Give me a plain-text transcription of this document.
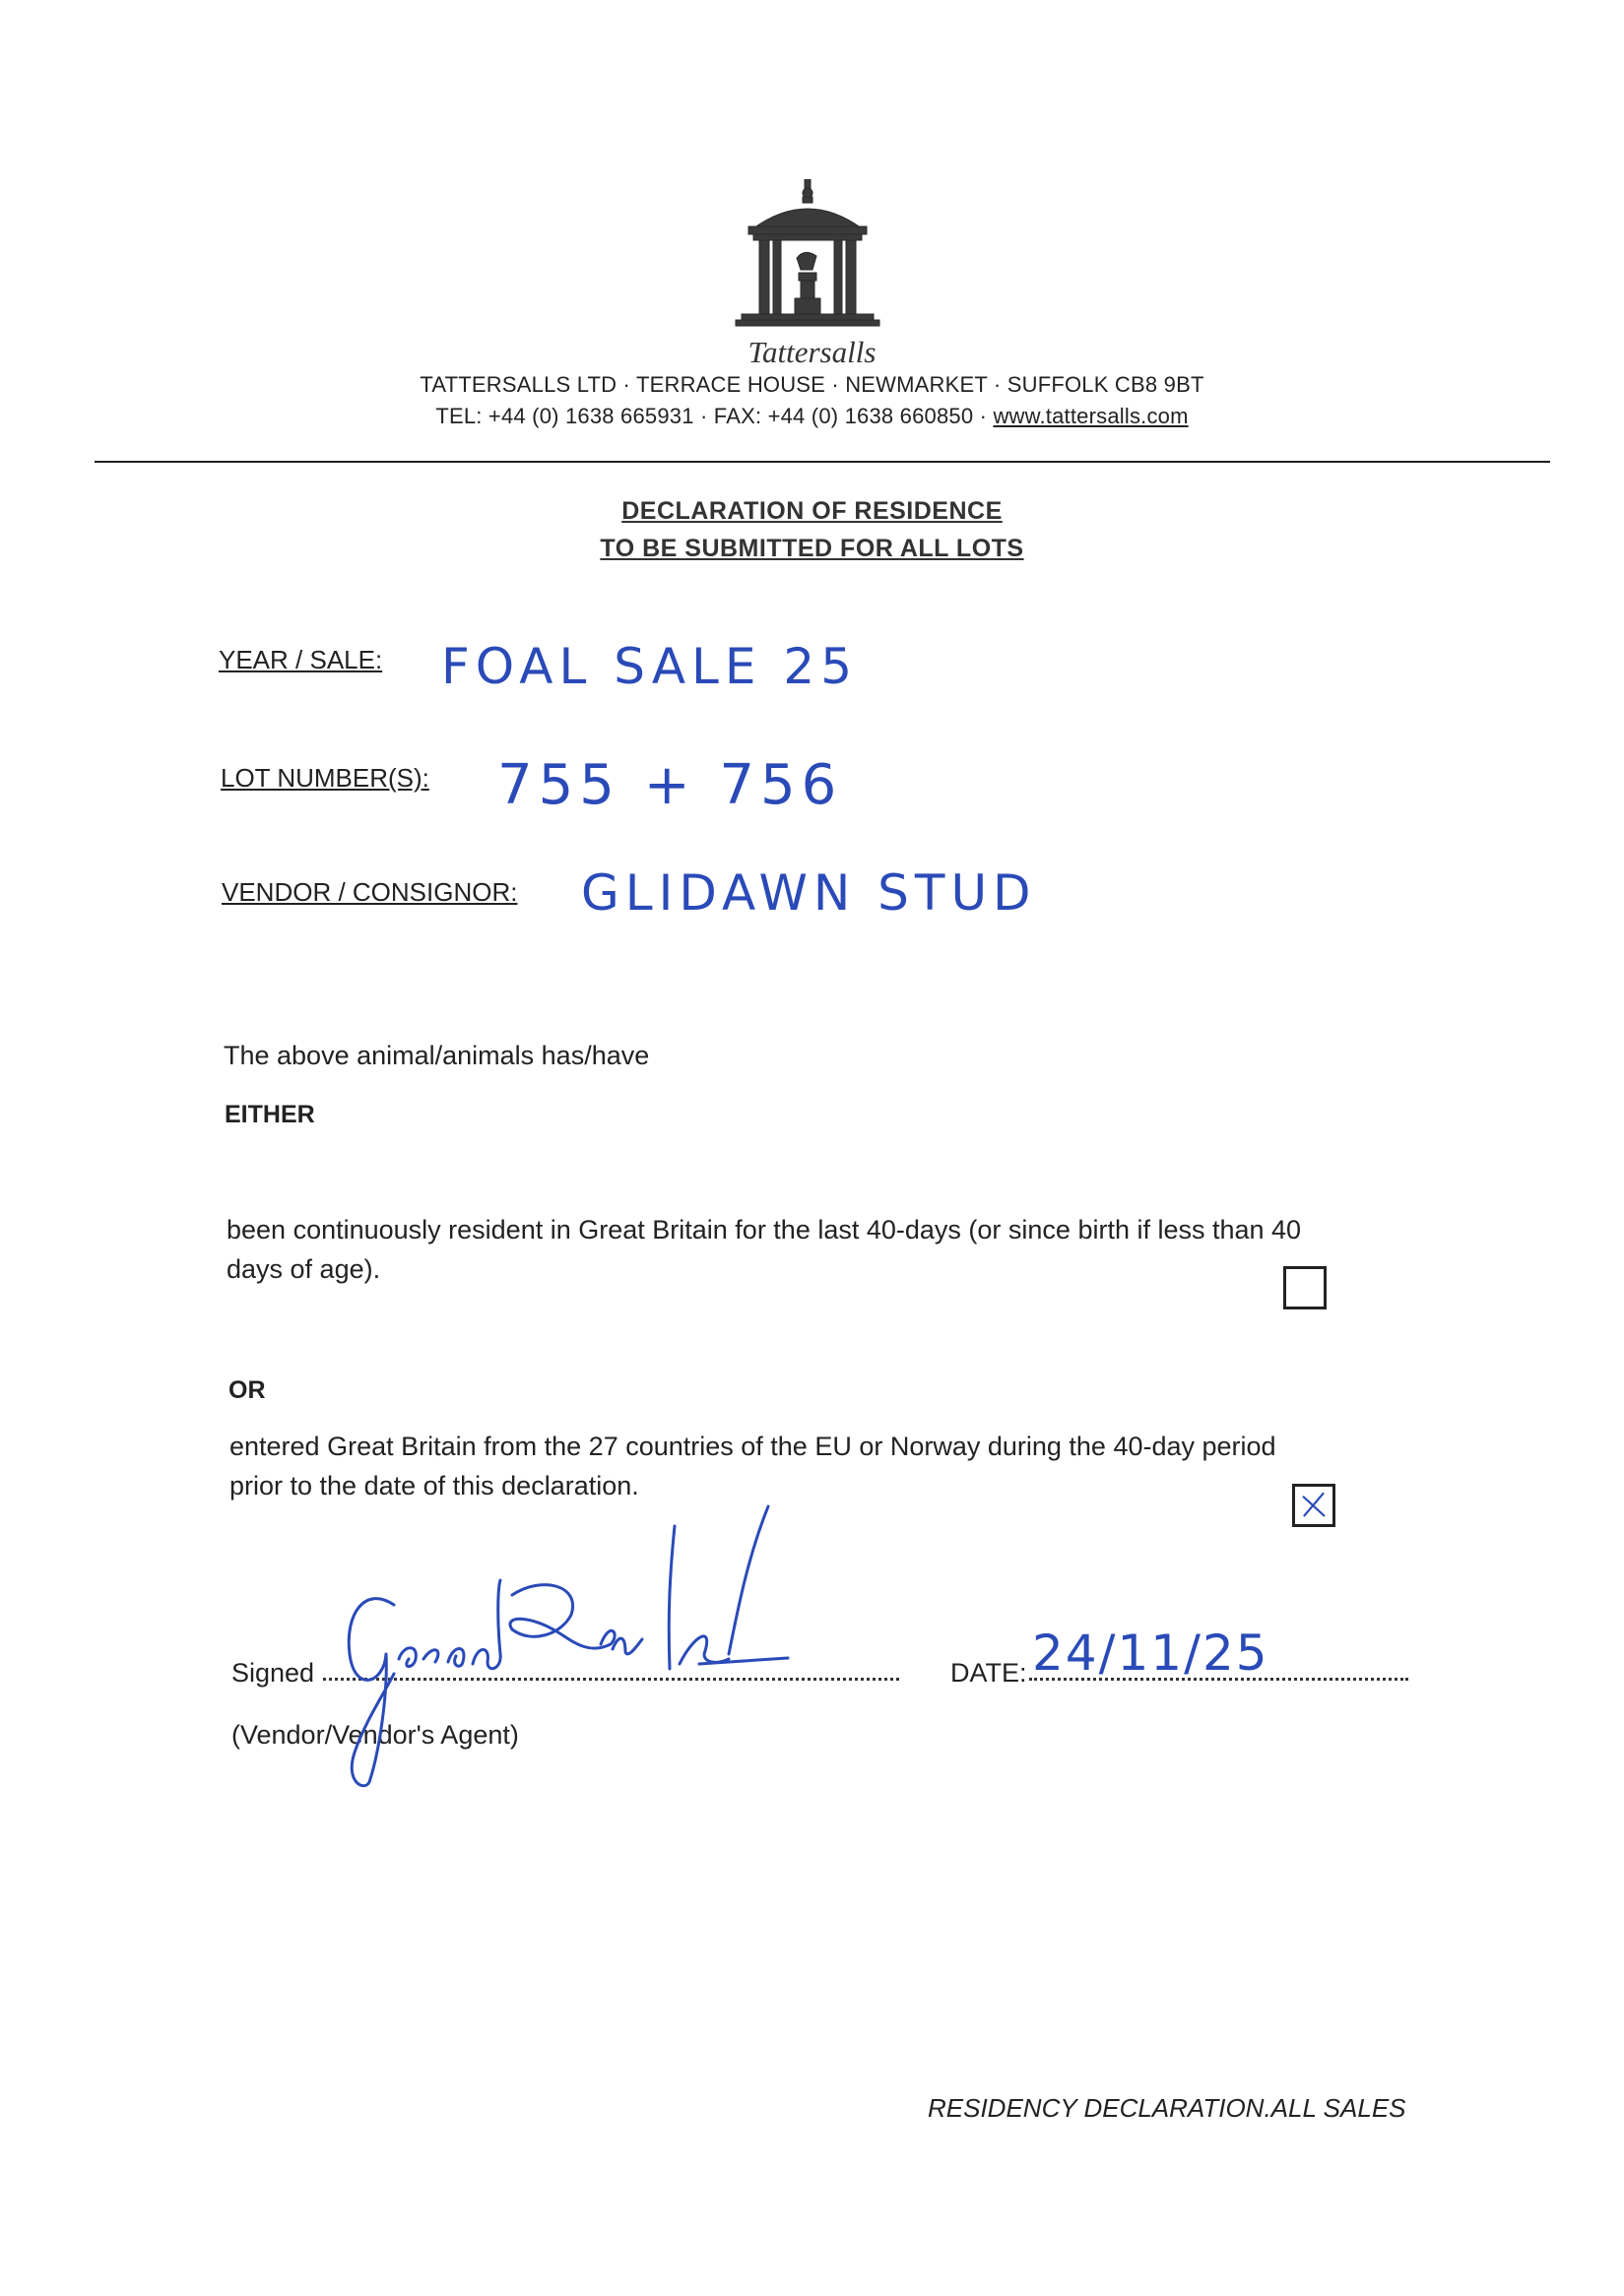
Tattersalls
TATTERSALLS LTD · TERRACE HOUSE · NEWMARKET · SUFFOLK CB8 9BT
TEL: +44 (0) 1638 665931 · FAX: +44 (0) 1638 660850 · www.tattersalls.com
DECLARATION OF RESIDENCE
TO BE SUBMITTED FOR ALL LOTS
YEAR / SALE: FOAL SALE 25
LOT NUMBER(S): 755 + 756
VENDOR / CONSIGNOR: GLIDAWN STUD
The above animal/animals has/have
EITHER
been continuously resident in Great Britain for the last 40-days (or since birth if less than 40
days of age).
OR
entered Great Britain from the 27 countries of the EU or Norway during the 40-day period
prior to the date of this declaration.
Signed
(Vendor/Vendor's Agent)
DATE: 24/11/25
RESIDENCY DECLARATION.ALL SALES
